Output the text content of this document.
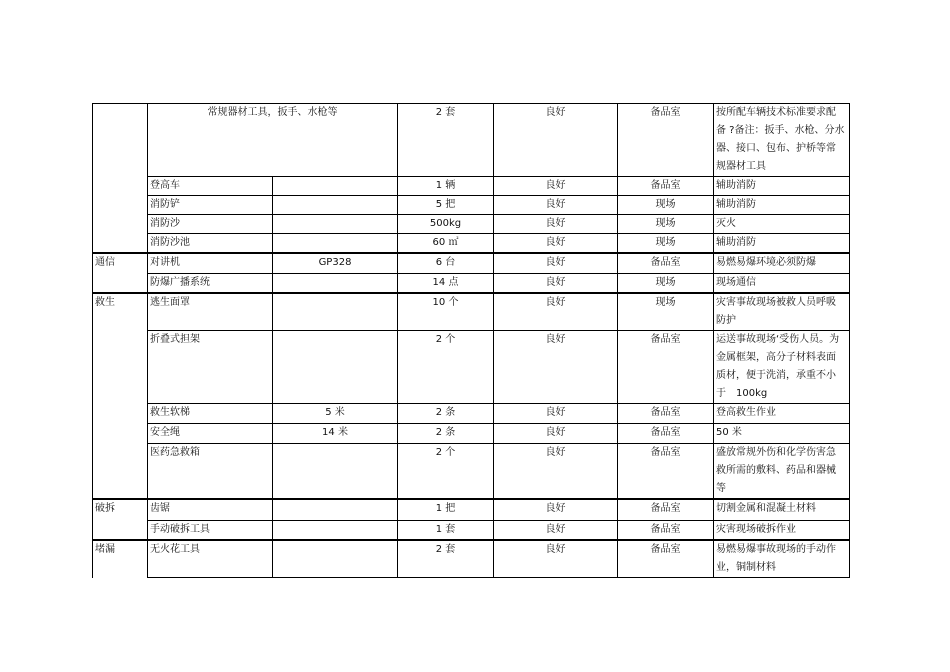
	常规器材工具，扳手、水枪等		2 套	良好	备品室	按所配车辆技术标准要求配备 ?备注：扳手、水枪、分水器、接口、包布、护桥等常规器材工具
	登高车		1 辆	良好	备品室	辅助消防
	消防铲		5 把	良好	现场	辅助消防
	消防沙		500kg	良好	现场	灭火
	消防沙池		60 ㎡	良好	现场	辅助消防
通信	对讲机	GP328	6 台	良好	备品室	易燃易爆环境必须防爆
	防爆广播系统		14 点	良好	现场	现场通信
救生	逃生面罩		10 个	良好	现场	灾害事故现场被救人员呼吸防护
	折叠式担架		2 个	良好	备品室	运送事故现场‘受伤人员。为金属框架，高分子材料表面质材，便于洗消，承重不小于　100kg
	救生软梯	5 米	2 条	良好	备品室	登高救生作业
	安全绳	14 米	2 条	良好	备品室	50 米
	医药急救箱		2 个	良好	备品室	盛放常规外伤和化学伤害急救所需的敷料、药品和器械等
破拆	齿锯		1 把	良好	备品室	切割金属和混凝土材料
	手动破拆工具		1 套	良好	备品室	灾害现场破拆作业
堵漏	无火花工具		2 套	良好	备品室	易燃易爆事故现场的手动作业，铜制材料
